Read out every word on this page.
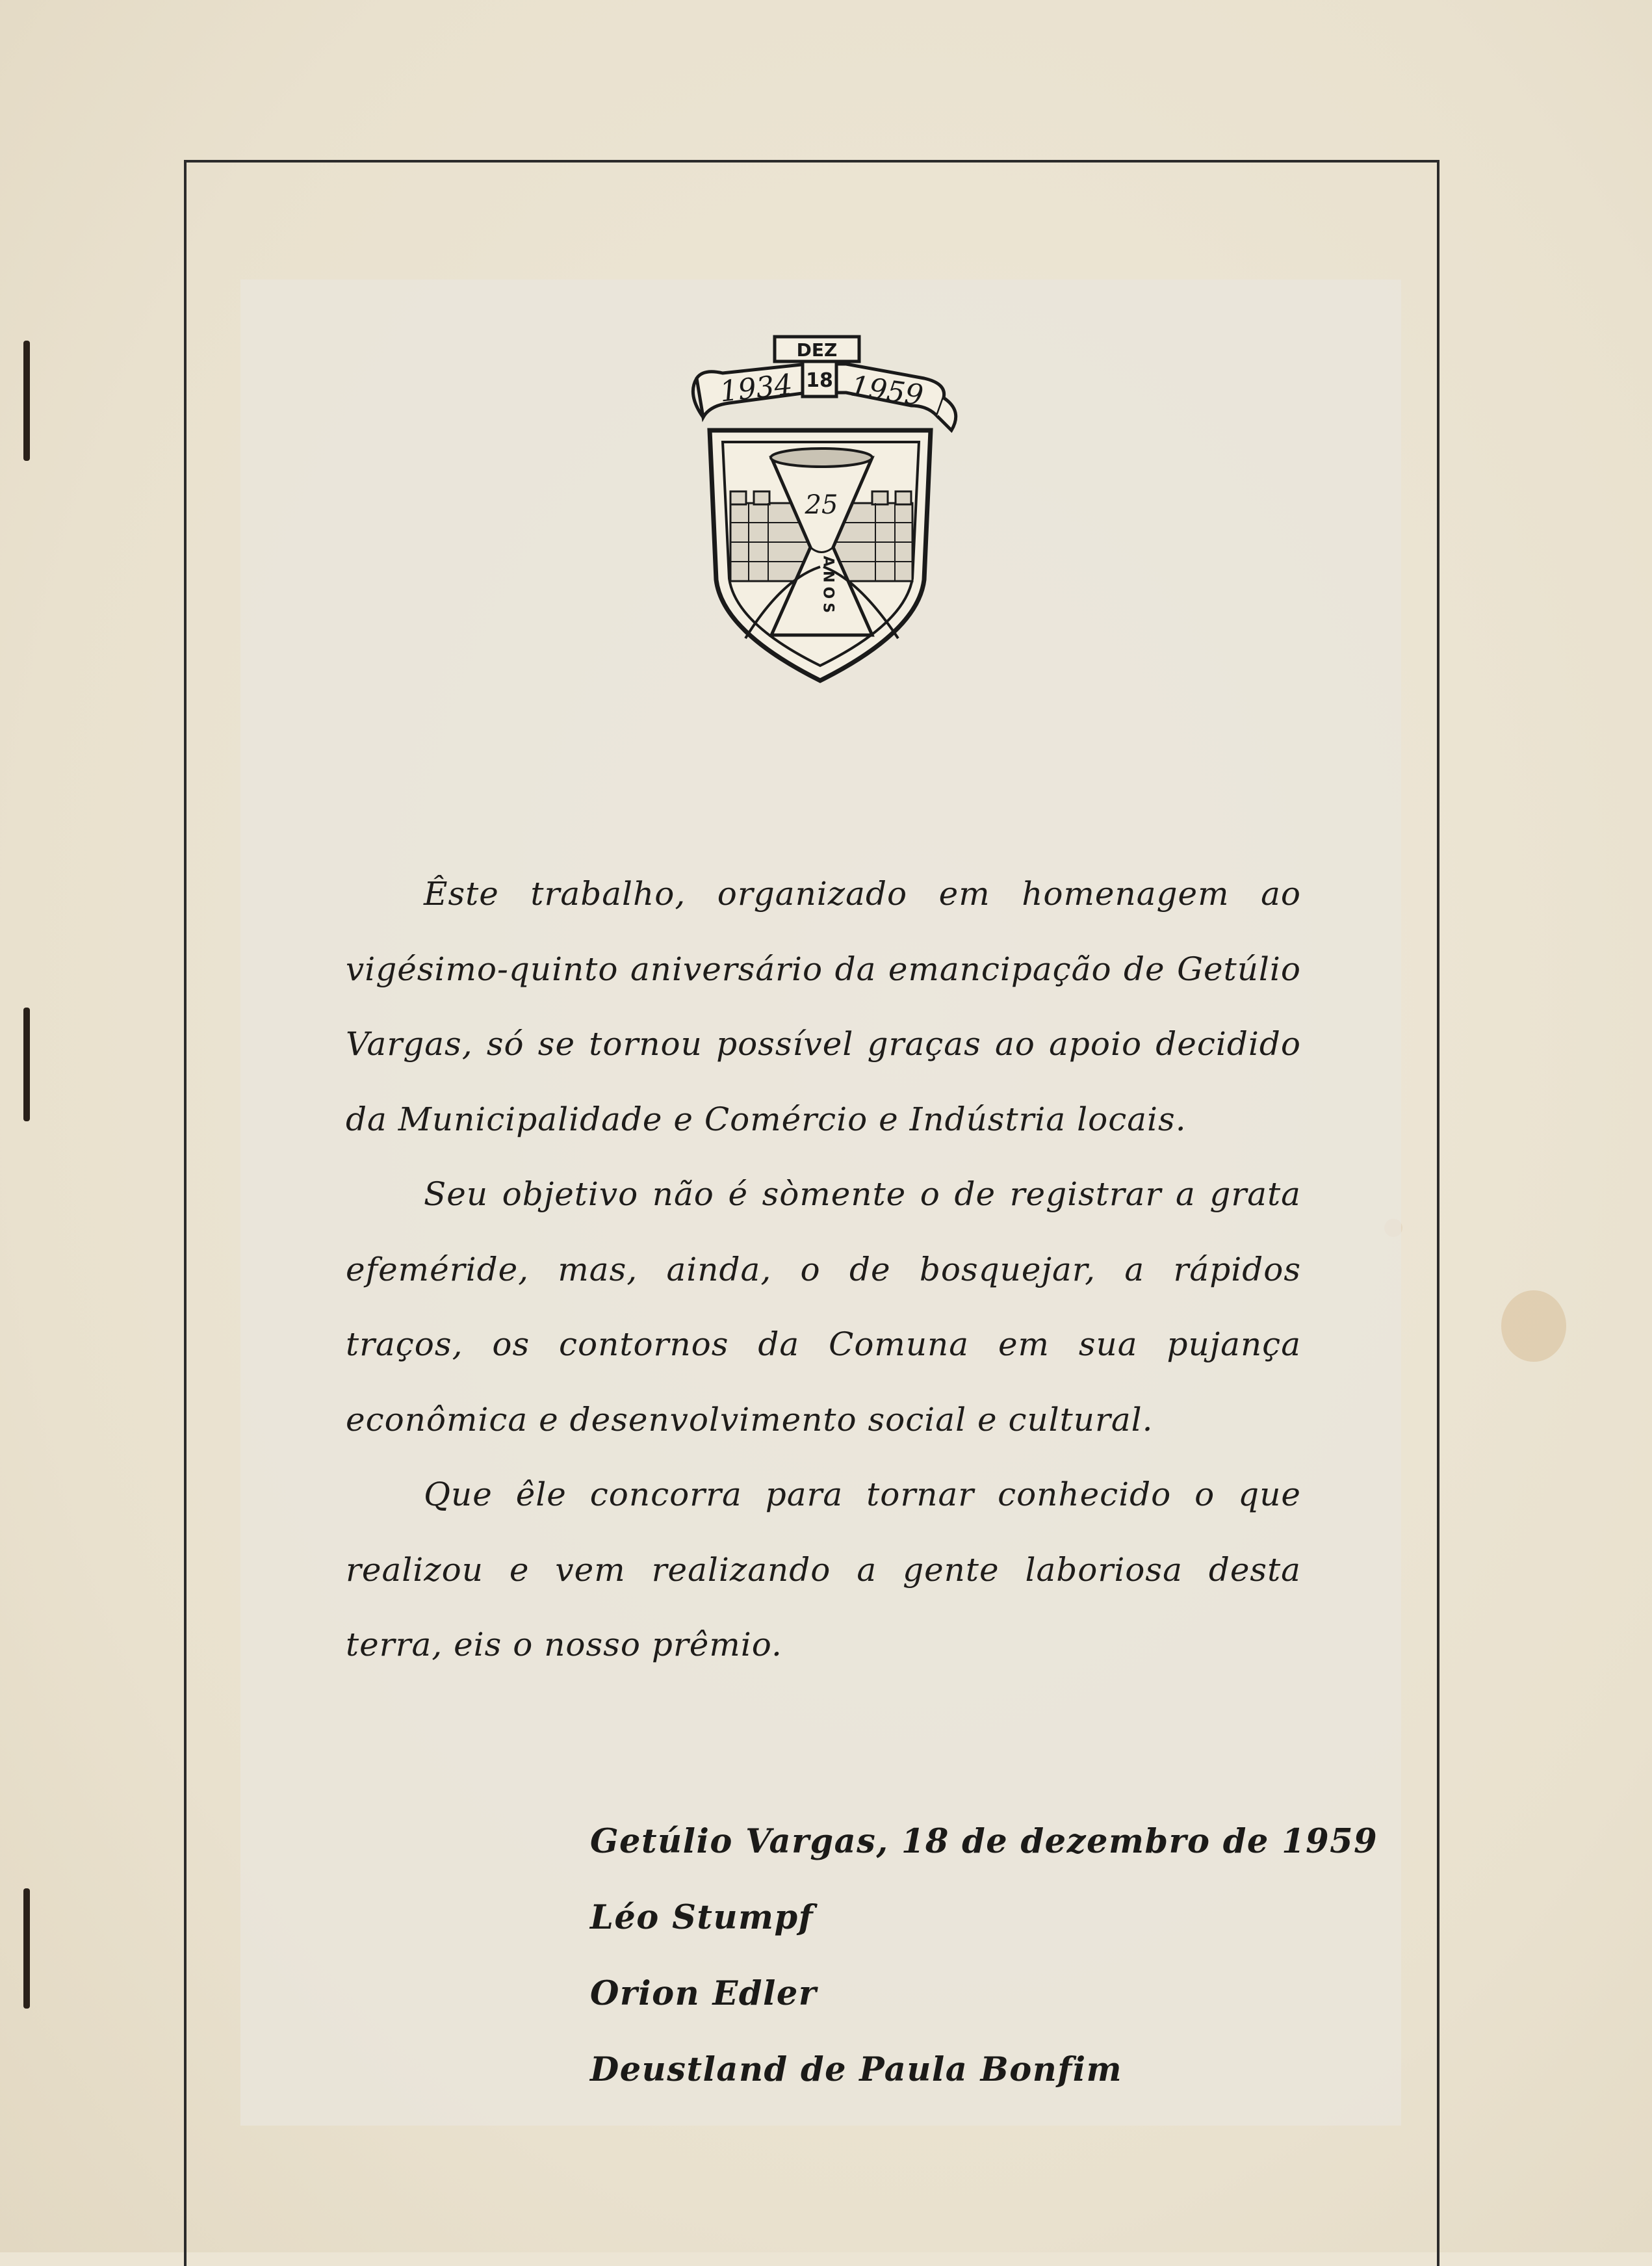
DEZ
18
1934 1959
25
ANOS

Êste trabalho, organizado em homenagem ao vigésimo-quinto aniversário da emancipação de Getúlio Vargas, só se tornou possível graças ao apoio decidido da Municipalidade e Comércio e Indústria locais.

Seu objetivo não é sòmente o de registrar a grata efeméride, mas, ainda, o de bosquejar, a rápidos traços, os contornos da Comuna em sua pujança econômica e desenvolvimento social e cultural.

Que êle concorra para tornar conhecido o que realizou e vem realizando a gente laboriosa desta terra, eis o nosso prêmio.

Getúlio Vargas, 18 de dezembro de 1959
Léo Stumpf
Orion Edler
Deustland de Paula Bonfim
